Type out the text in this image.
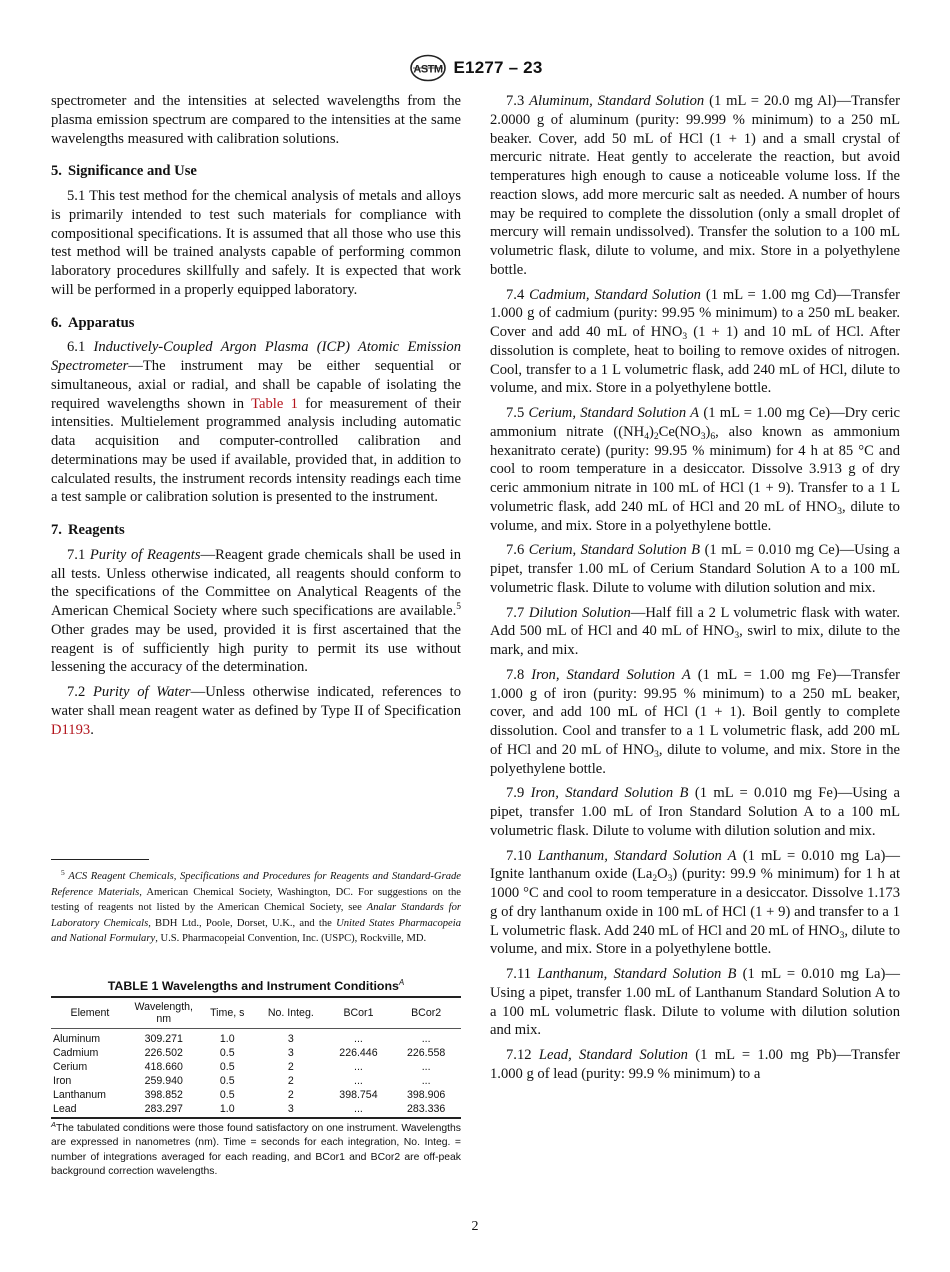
ASTM E1277 – 23

spectrometer and the intensities at selected wavelengths from the plasma emission spectrum are compared to the intensities at the same wavelengths measured with calibration solutions.

5. Significance and Use

5.1 This test method for the chemical analysis of metals and alloys is primarily intended to test such materials for compliance with compositional specifications. It is assumed that all those who use this test method will be trained analysts capable of performing common laboratory procedures skillfully and safely. It is expected that work will be performed in a properly equipped laboratory.

6. Apparatus

6.1 Inductively-Coupled Argon Plasma (ICP) Atomic Emission Spectrometer—The instrument may be either sequential or simultaneous, axial or radial, and shall be capable of isolating the required wavelengths shown in Table 1 for measurement of their intensities. Multielement programmed analysis including automatic data acquisition and computer-controlled calibration and determinations may be used if available, provided that, in addition to calculated results, the instrument records intensity readings each time a test sample or calibration solution is presented to the instrument.

7. Reagents

7.1 Purity of Reagents—Reagent grade chemicals shall be used in all tests. Unless otherwise indicated, all reagents should conform to the specifications of the Committee on Analytical Reagents of the American Chemical Society where such specifications are available.$^5$ Other grades may be used, provided it is first ascertained that the reagent is of sufficiently high purity to permit its use without lessening the accuracy of the determination.

7.2 Purity of Water—Unless otherwise indicated, references to water shall mean reagent water as defined by Type II of Specification D1193.

$^5$ ACS Reagent Chemicals, Specifications and Procedures for Reagents and Standard-Grade Reference Materials, American Chemical Society, Washington, DC. For suggestions on the testing of reagents not listed by the American Chemical Society, see Analar Standards for Laboratory Chemicals, BDH Ltd., Poole, Dorset, U.K., and the United States Pharmacopeia and National Formulary, U.S. Pharmacopeial Convention, Inc. (USPC), Rockville, MD.

TABLE 1 Wavelengths and Instrument Conditions$^A$
Element	Wavelength,
nm	Time, s	No. Integ.	BCor1	BCor2
Aluminum	309.271	1.0	3	...	...
Cadmium	226.502	0.5	3	226.446	226.558
Cerium	418.660	0.5	2	...	...
Iron	259.940	0.5	2	...	...
Lanthanum	398.852	0.5	2	398.754	398.906
Lead	283.297	1.0	3	...	283.336

$^A$The tabulated conditions were those found satisfactory on one instrument. Wavelengths are expressed in nanometres (nm). Time = seconds for each integration, No. Integ. = number of integrations averaged for each reading, and BCor1 and BCor2 are off-peak background correction wavelengths.

7.3 Aluminum, Standard Solution (1 mL = 20.0 mg Al)—Transfer 2.0000 g of aluminum (purity: 99.999 % minimum) to a 250 mL beaker. Cover, add 50 mL of HCl (1 + 1) and a small crystal of mercuric nitrate. Heat gently to accelerate the reaction, but avoid temperatures high enough to cause a noticeable volume loss. If the reaction slows, add more mercuric salt as needed. A number of hours may be required to complete the dissolution (only a small droplet of mercury will remain undissolved). Transfer the solution to a 100 mL volumetric flask, dilute to volume, and mix. Store in a polyethylene bottle.

7.4 Cadmium, Standard Solution (1 mL = 1.00 mg Cd)—Transfer 1.000 g of cadmium (purity: 99.95 % minimum) to a 250 mL beaker. Cover and add 40 mL of $HNO_3$ (1 + 1) and 10 mL of HCl. After dissolution is complete, heat to boiling to remove oxides of nitrogen. Cool, transfer to a 1 L volumetric flask, add 240 mL of HCl, dilute to volume, and mix. Store in a polyethylene bottle.

7.5 Cerium, Standard Solution A (1 mL = 1.00 mg Ce)—Dry ceric ammonium nitrate ($(NH_4)_2Ce(NO_3)_6$, also known as ammonium hexanitrato cerate) (purity: 99.95 % minimum) for 4 h at 85 °C and cool to room temperature in a desiccator. Dissolve 3.913 g of dry ceric ammonium nitrate in 100 mL of HCl (1 + 9). Transfer to a 1 L volumetric flask, add 240 mL of HCl and 20 mL of $HNO_3$, dilute to volume, and mix. Store in a polyethylene bottle.

7.6 Cerium, Standard Solution B (1 mL = 0.010 mg Ce)—Using a pipet, transfer 1.00 mL of Cerium Standard Solution A to a 100 mL volumetric flask. Dilute to volume with dilution solution and mix.

7.7 Dilution Solution—Half fill a 2 L volumetric flask with water. Add 500 mL of HCl and 40 mL of $HNO_3$, swirl to mix, dilute to the mark, and mix.

7.8 Iron, Standard Solution A (1 mL = 1.00 mg Fe)—Transfer 1.000 g of iron (purity: 99.95 % minimum) to a 250 mL beaker, cover, and add 100 mL of HCl (1 + 1). Boil gently to complete dissolution. Cool and transfer to a 1 L volumetric flask, add 200 mL of HCl and 20 mL of $HNO_3$, dilute to volume, and mix. Store in the polyethylene bottle.

7.9 Iron, Standard Solution B (1 mL = 0.010 mg Fe)—Using a pipet, transfer 1.00 mL of Iron Standard Solution A to a 100 mL volumetric flask. Dilute to volume with dilution solution and mix.

7.10 Lanthanum, Standard Solution A (1 mL = 0.010 mg La)—Ignite lanthanum oxide $(La_2O_3)$ (purity: 99.9 % minimum) for 1 h at 1000 °C and cool to room temperature in a desiccator. Dissolve 1.173 g of dry lanthanum oxide in 100 mL of HCl (1 + 9) and transfer to a 1 L volumetric flask. Add 240 mL of HCl and 20 mL of $HNO_3$, dilute to volume, and mix. Store in a polyethylene bottle.

7.11 Lanthanum, Standard Solution B (1 mL = 0.010 mg La)—Using a pipet, transfer 1.00 mL of Lanthanum Standard Solution A to a 100 mL volumetric flask. Dilute to volume with dilution solution and mix.

7.12 Lead, Standard Solution (1 mL = 1.00 mg Pb)—Transfer 1.000 g of lead (purity: 99.9 % minimum) to a

2
